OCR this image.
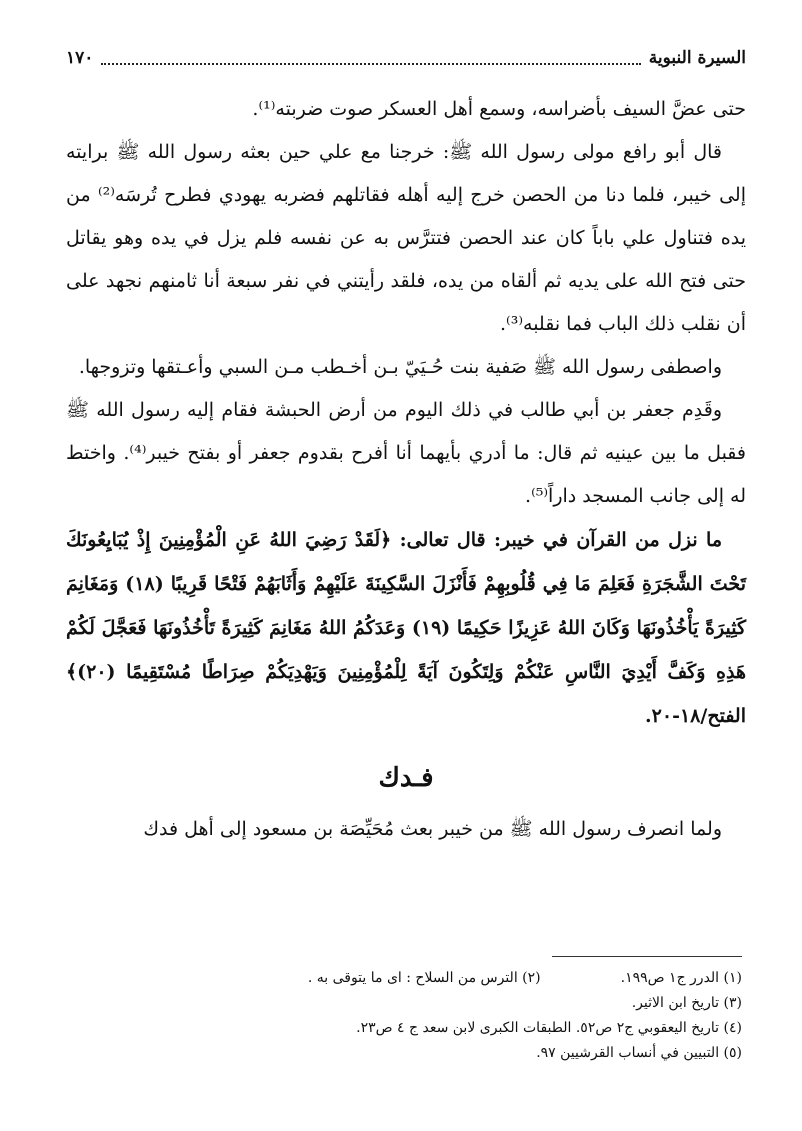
السيرة النبوية
١٧٠

حتى عضَّ السيف بأضراسه، وسمع أهل العسكر صوت ضربته⁽¹⁾.

قال أبو رافع مولى رسول الله ﷺ: خرجنا مع علي حين بعثه رسول الله ﷺ برايته إلى خيبر، فلما دنا من الحصن خرج إليه أهله فقاتلهم فضربه يهودي فطرح تُرسَه⁽²⁾ من يده فتناول علي باباً كان عند الحصن فتترَّس به عن نفسه فلم يزل في يده وهو يقاتل حتى فتح الله على يديه ثم ألقاه من يده، فلقد رأيتني في نفر سبعة أنا ثامنهم نجهد على أن نقلب ذلك الباب فما نقلبه⁽³⁾.

واصطفى رسول الله ﷺ صَفية بنت حُـيَيّ بـن أخـطب مـن السبي وأعـتقها وتزوجها.

وقَدِم جعفر بن أبي طالب في ذلك اليوم من أرض الحبشة فقام إليه رسول الله ﷺ فقبل ما بين عينيه ثم قال: ما أدري بأيهما أنا أفرح بقدوم جعفر أو بفتح خيبر⁽⁴⁾. واختط له إلى جانب المسجد داراً⁽⁵⁾.

ما نزل من القرآن في خيبر: قال تعالى: ﴿لَقَدْ رَضِيَ اللهُ عَنِ الْمُؤْمِنِينَ إِذْ يُبَايِعُونَكَ تَحْتَ الشَّجَرَةِ فَعَلِمَ مَا فِي قُلُوبِهِمْ فَأَنْزَلَ السَّكِينَةَ عَلَيْهِمْ وَأَثَابَهُمْ فَتْحًا قَرِيبًا (١٨) وَمَغَانِمَ كَثِيرَةً يَأْخُذُونَهَا وَكَانَ اللهُ عَزِيزًا حَكِيمًا (١٩) وَعَدَكُمُ اللهُ مَغَانِمَ كَثِيرَةً تَأْخُذُونَهَا فَعَجَّلَ لَكُمْ هَذِهِ وَكَفَّ أَيْدِيَ النَّاسِ عَنْكُمْ وَلِتَكُونَ آيَةً لِلْمُؤْمِنِينَ وَيَهْدِيَكُمْ صِرَاطًا مُسْتَقِيمًا (٢٠)﴾ الفتح/١٨-٢٠.

فـدك

ولما انصرف رسول الله ﷺ من خيبر بعث مُحَيِّصَة بن مسعود إلى أهل فدك

(١) الدرر ج١ ص١٩٩.
(٢) الترس من السلاح : اى ما يتوقى به .
(٣) تاريخ ابن الاثير.
(٤) تاريخ اليعقوبي ج٢ ص٥٢. الطبقات الكبرى لابن سعد ج ٤ ص٢٣.
(٥) التبيين في أنساب القرشيين ٩٧.
